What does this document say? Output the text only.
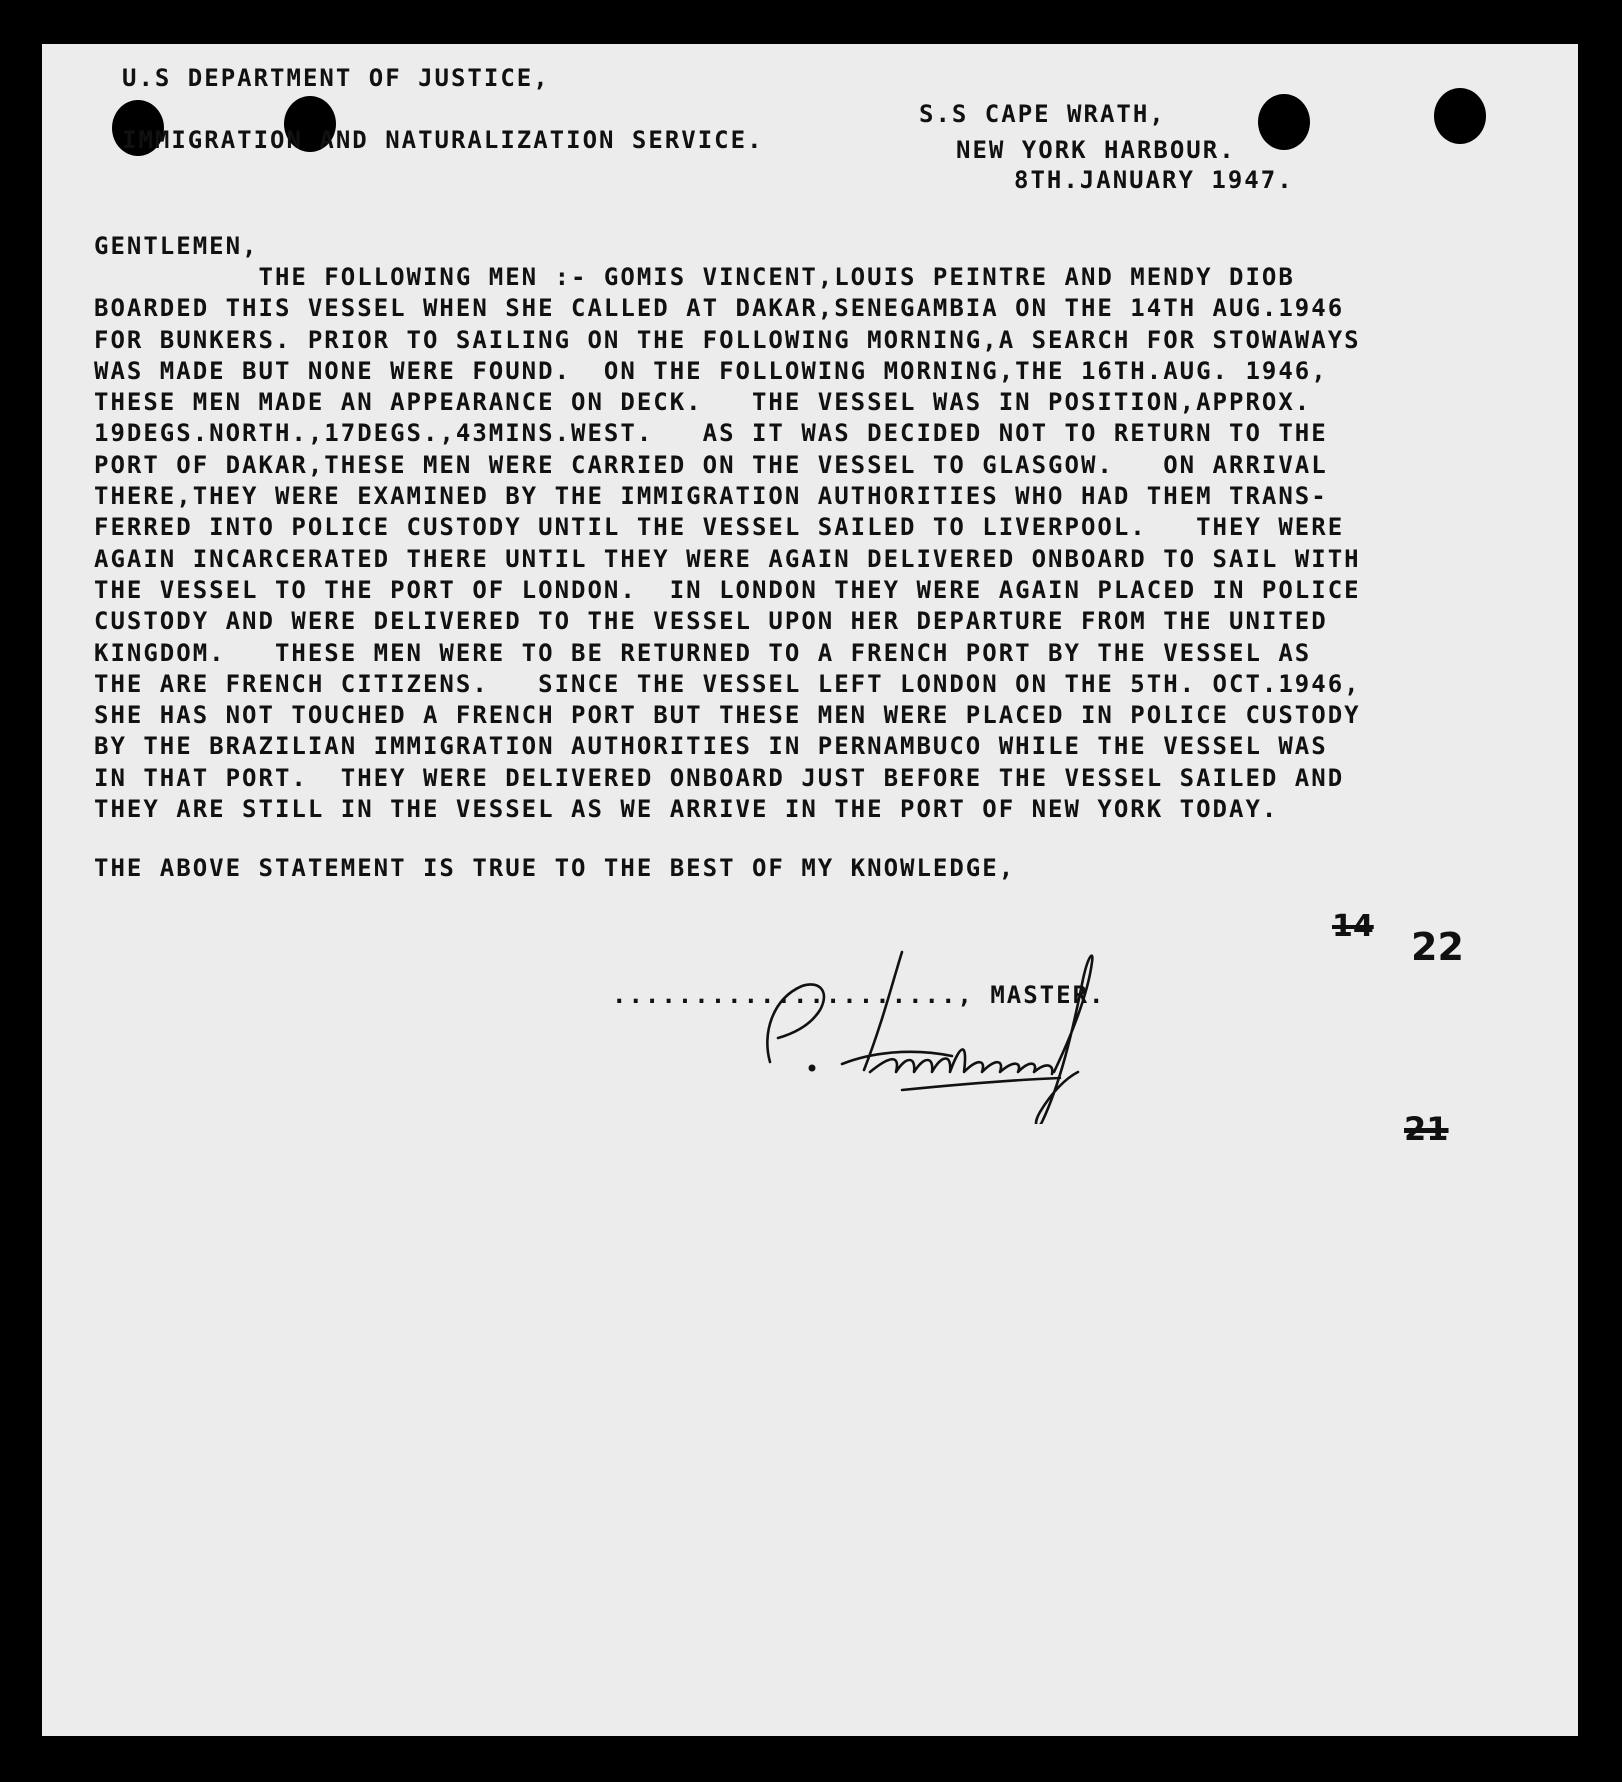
U.S DEPARTMENT OF JUSTICE,

IMMIGRATION AND NATURALIZATION SERVICE.

S.S CAPE WRATH,

NEW YORK HARBOUR.

8TH.JANUARY 1947.

GENTLEMEN,

THE FOLLOWING MEN :- GOMIS VINCENT,LOUIS PEINTRE AND MENDY DIOB
BOARDED THIS VESSEL WHEN SHE CALLED AT DAKAR,SENEGAMBIA ON THE 14TH AUG.1946
FOR BUNKERS. PRIOR TO SAILING ON THE FOLLOWING MORNING,A SEARCH FOR STOWAWAYS
WAS MADE BUT NONE WERE FOUND.  ON THE FOLLOWING MORNING,THE 16TH.AUG. 1946,
THESE MEN MADE AN APPEARANCE ON DECK.   THE VESSEL WAS IN POSITION,APPROX.
19DEGS.NORTH.,17DEGS.,43MINS.WEST.   AS IT WAS DECIDED NOT TO RETURN TO THE
PORT OF DAKAR,THESE MEN WERE CARRIED ON THE VESSEL TO GLASGOW.   ON ARRIVAL
THERE,THEY WERE EXAMINED BY THE IMMIGRATION AUTHORITIES WHO HAD THEM TRANS-
FERRED INTO POLICE CUSTODY UNTIL THE VESSEL SAILED TO LIVERPOOL.   THEY WERE
AGAIN INCARCERATED THERE UNTIL THEY WERE AGAIN DELIVERED ONBOARD TO SAIL WITH
THE VESSEL TO THE PORT OF LONDON.  IN LONDON THEY WERE AGAIN PLACED IN POLICE
CUSTODY AND WERE DELIVERED TO THE VESSEL UPON HER DEPARTURE FROM THE UNITED
KINGDOM.   THESE MEN WERE TO BE RETURNED TO A FRENCH PORT BY THE VESSEL AS
THE ARE FRENCH CITIZENS.   SINCE THE VESSEL LEFT LONDON ON THE 5TH. OCT.1946,
SHE HAS NOT TOUCHED A FRENCH PORT BUT THESE MEN WERE PLACED IN POLICE CUSTODY
BY THE BRAZILIAN IMMIGRATION AUTHORITIES IN PERNAMBUCO WHILE THE VESSEL WAS
IN THAT PORT.  THEY WERE DELIVERED ONBOARD JUST BEFORE THE VESSEL SAILED AND
THEY ARE STILL IN THE VESSEL AS WE ARRIVE IN THE PORT OF NEW YORK TODAY.

THE ABOVE STATEMENT IS TRUE TO THE BEST OF MY KNOWLEDGE,

....................., MASTER.

14 22
21
